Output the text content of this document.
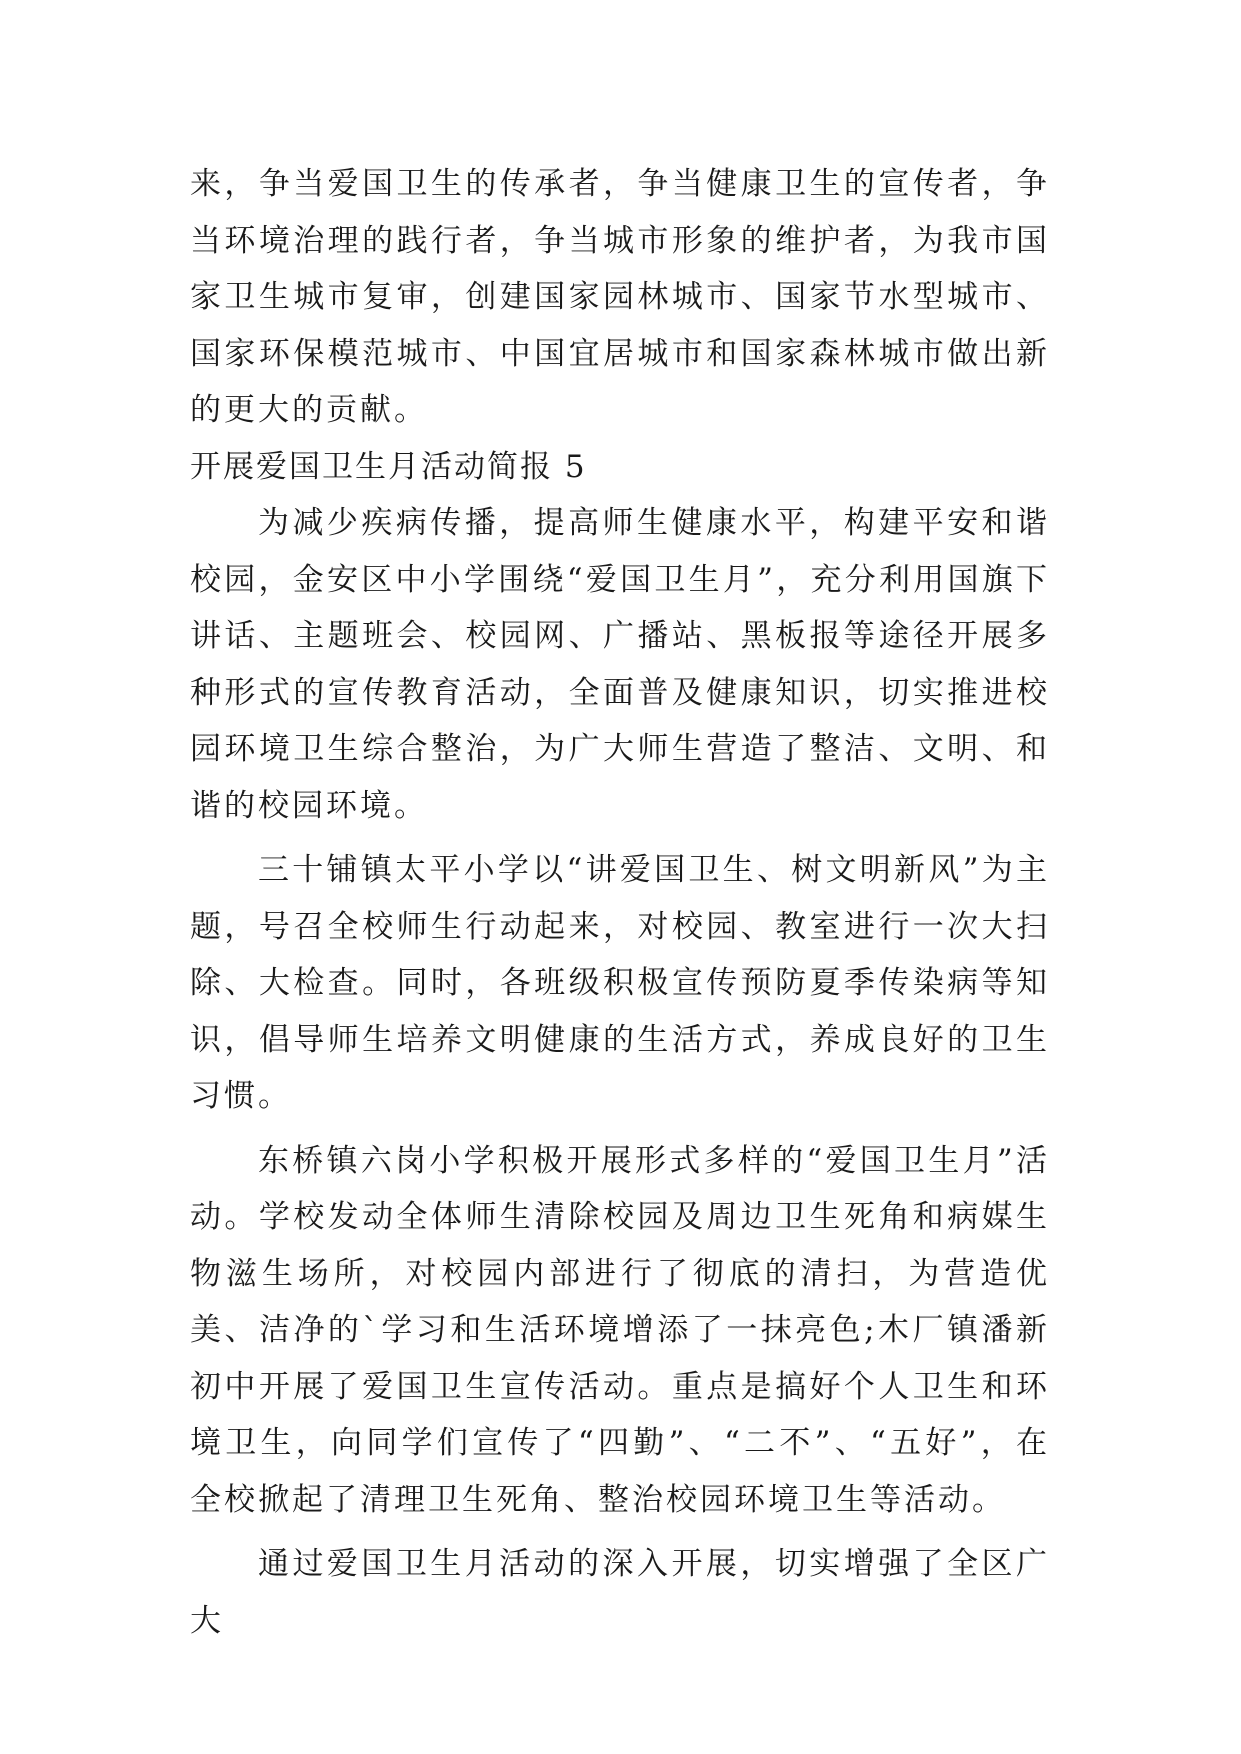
来，争当爱国卫生的传承者，争当健康卫生的宣传者，争当环境治理的践行者，争当城市形象的维护者，为我市国家卫生城市复审，创建国家园林城市、国家节水型城市、国家环保模范城市、中国宜居城市和国家森林城市做出新的更大的贡献。

开展爱国卫生月活动简报 5

为减少疾病传播，提高师生健康水平，构建平安和谐校园，金安区中小学围绕“爱国卫生月”，充分利用国旗下讲话、主题班会、校园网、广播站、黑板报等途径开展多种形式的宣传教育活动，全面普及健康知识，切实推进校园环境卫生综合整治，为广大师生营造了整洁、文明、和谐的校园环境。

三十铺镇太平小学以“讲爱国卫生、树文明新风”为主题，号召全校师生行动起来，对校园、教室进行一次大扫除、大检查。同时，各班级积极宣传预防夏季传染病等知识，倡导师生培养文明健康的生活方式，养成良好的卫生习惯。

东桥镇六岗小学积极开展形式多样的“爱国卫生月”活动。学校发动全体师生清除校园及周边卫生死角和病媒生物滋生场所，对校园内部进行了彻底的清扫，为营造优美、洁净的`学习和生活环境增添了一抹亮色;木厂镇潘新初中开展了爱国卫生宣传活动。重点是搞好个人卫生和环境卫生，向同学们宣传了“四勤”、“二不”、“五好”，在全校掀起了清理卫生死角、整治校园环境卫生等活动。

通过爱国卫生月活动的深入开展，切实增强了全区广大
